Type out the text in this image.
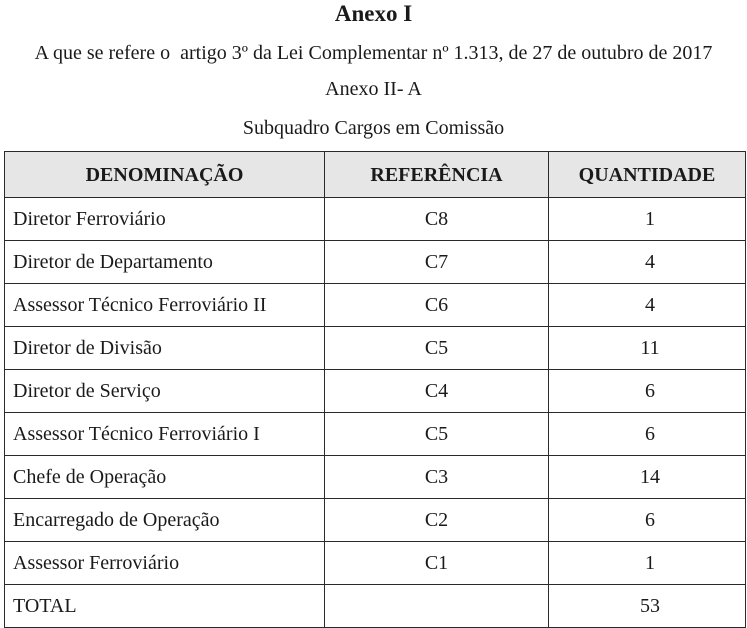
Anexo I
A que se refere o  artigo 3º da Lei Complementar nº 1.313, de 27 de outubro de 2017
Anexo II- A
Subquadro Cargos em Comissão
DENOMINAÇÃO	REFERÊNCIA	QUANTIDADE
Diretor Ferroviário	C8	1
Diretor de Departamento	C7	4
Assessor Técnico Ferroviário II	C6	4
Diretor de Divisão	C5	11
Diretor de Serviço	C4	6
Assessor Técnico Ferroviário I	C5	6
Chefe de Operação	C3	14
Encarregado de Operação	C2	6
Assessor Ferroviário	C1	1
TOTAL		53
